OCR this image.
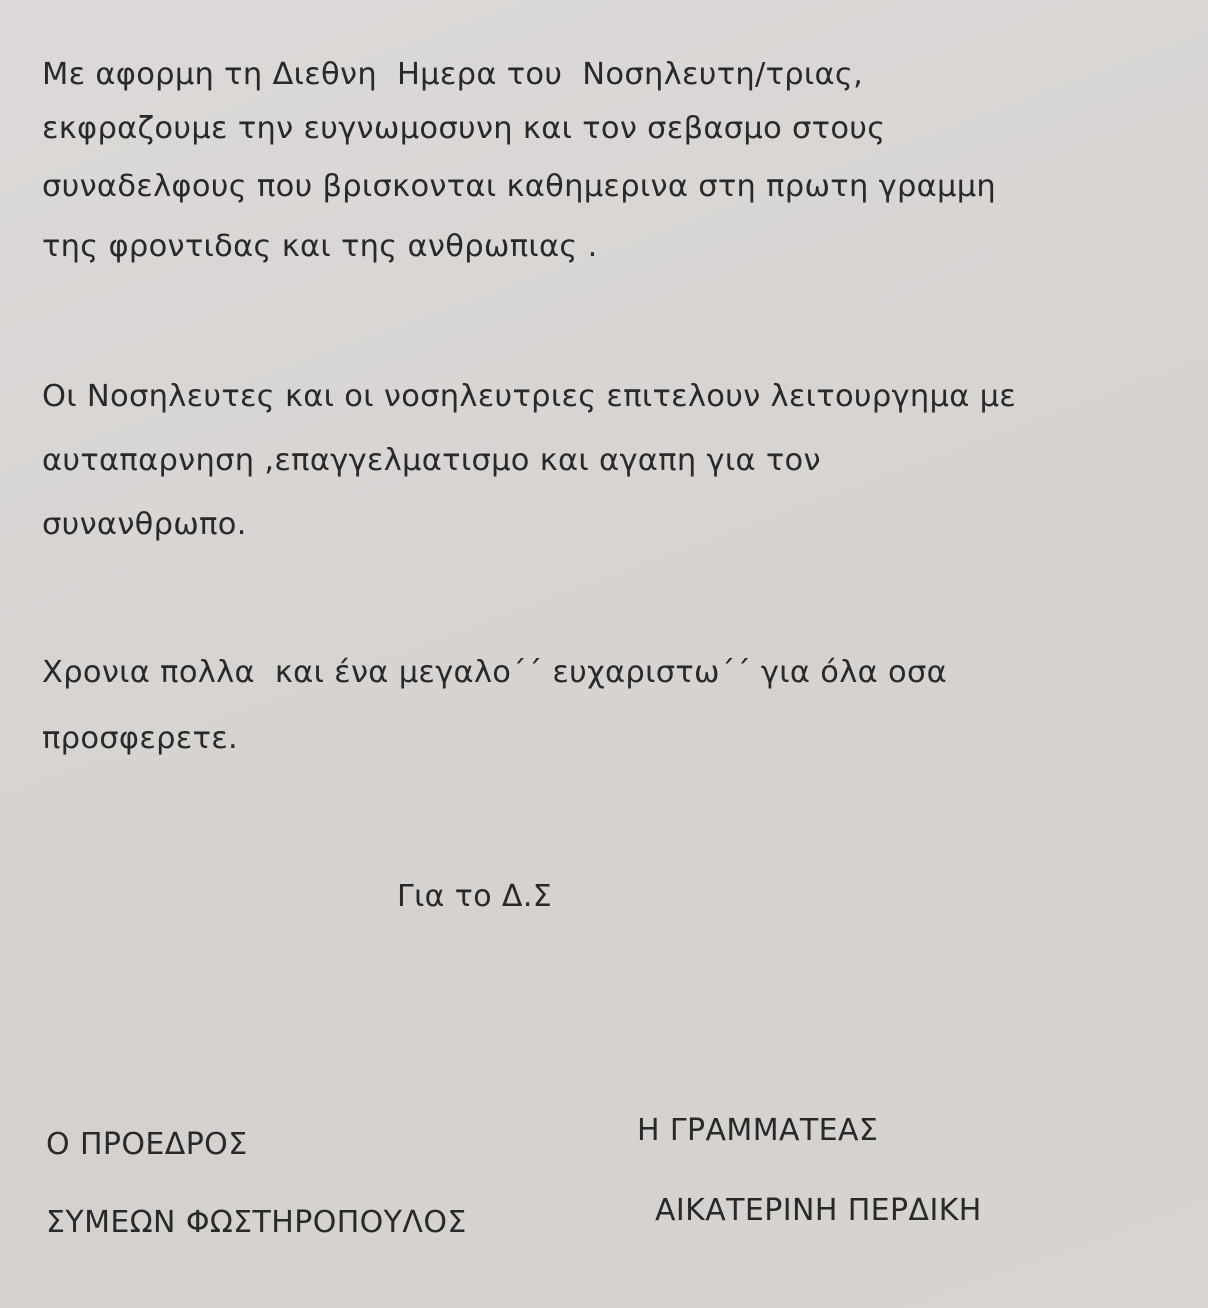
Με αφορμη τη Διεθνη  Ημερα του  Νοσηλευτη/τριας,
εκφραζουμε την ευγνωμοσυνη και τον σεβασμο στους
συναδελφους που βρισκονται καθημερινα στη πρωτη γραμμη
της φροντιδας και της ανθρωπιας .
Οι Νοσηλευτες και οι νοσηλευτριες επιτελουν λειτουργημα με
αυταπαρνηση ,επαγγελματισμο και αγαπη για τον
συνανθρωπο.
Χρονια πολλα  και ένα μεγαλο΄΄ ευχαριστω΄΄ για όλα οσα
προσφερετε.
Για το Δ.Σ
Ο ΠΡΟΕΔΡΟΣ
ΣΥΜΕΩΝ ΦΩΣΤΗΡΟΠΟΥΛΟΣ
Η ΓΡΑΜΜΑΤΕΑΣ
ΑΙΚΑΤΕΡΙΝΗ ΠΕΡΔΙΚΗ
